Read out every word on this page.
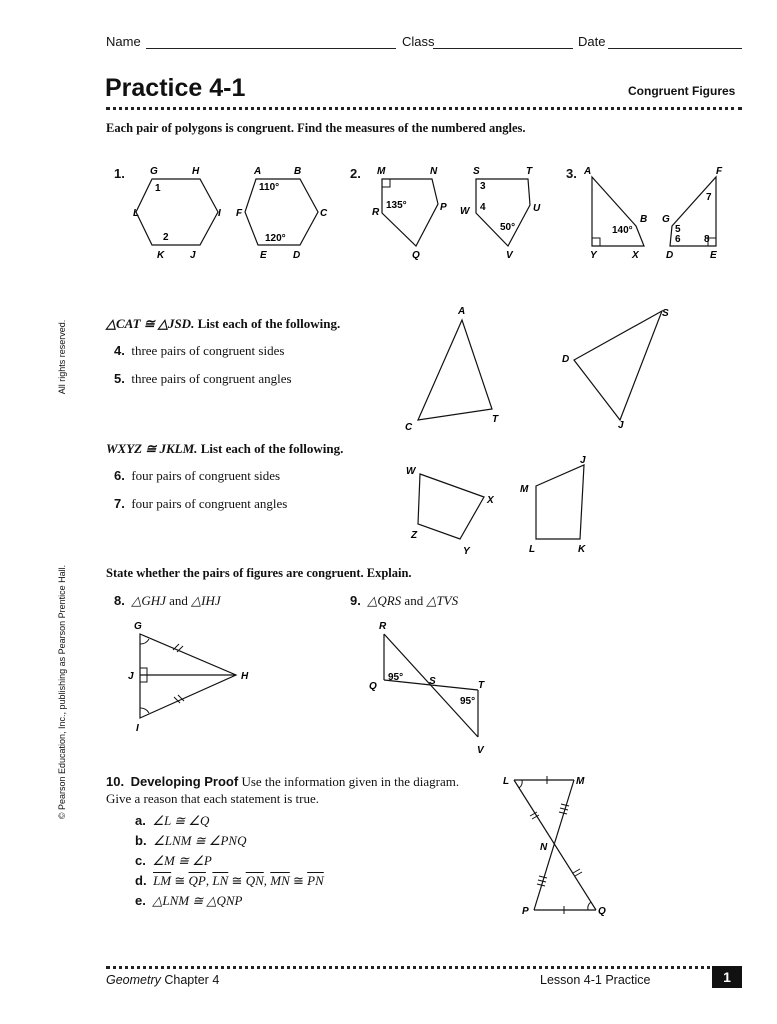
Name	Class	Date
Practice 4-1	Congruent Figures
Each pair of polygons is congruent. Find the measures of the numbered angles.
1.	2.	3.
G	H
I
J
K
L
1
2
A	B
C
D
E
F
110°
120°
M	N
P
Q
R
135°
S	T
U
V
W
3
4
50°
A
B
X
Y
140°
F
G
D	E
7
5
6 8
△CAT ≅ △JSD. List each of the following.
4. three pairs of congruent sides
5. three pairs of congruent angles
WXYZ ≅ JKLM. List each of the following.
6. four pairs of congruent sides
7. four pairs of congruent angles
A
C
T
S
D
J
W
X
Y
Z
J
M
L	K
State whether the pairs of figures are congruent. Explain.
8. △GHJ and △IHJ	9. △QRS and △TVS
G
J	H
I
R
Q	S	T
V
95°
95°
10. Developing Proof Use the information given in the diagram. Give a reason that each statement is true.
a. ∠L ≅ ∠Q
b. ∠LNM ≅ ∠PNQ
c. ∠M ≅ ∠P
d. $\overline{LM}$ ≅ $\overline{QP}$, $\overline{LN}$ ≅ $\overline{QN}$, $\overline{MN}$ ≅ $\overline{PN}$
e. △LNM ≅ △QNP
L	M
N
P	Q
All rights reserved.
© Pearson Education, Inc., publishing as Pearson Prentice Hall.
Geometry Chapter 4	Lesson 4-1 Practice	1
